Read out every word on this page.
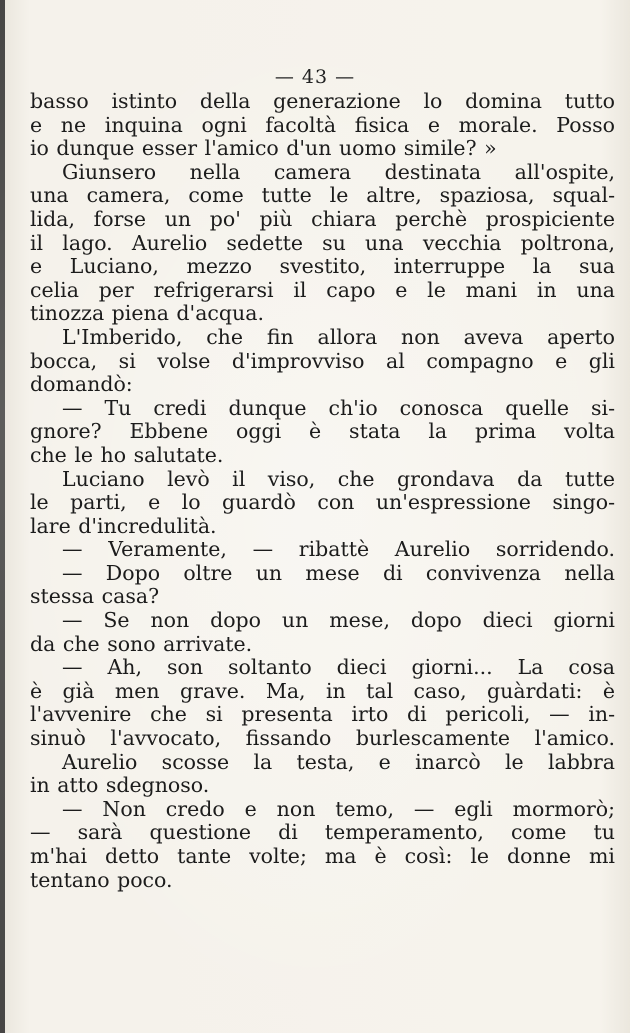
— 43 —
basso istinto della generazione lo domina tutto
e ne inquina ogni facoltà fisica e morale. Posso
io dunque esser l'amico d'un uomo simile? »
Giunsero nella camera destinata all'ospite,
una camera, come tutte le altre, spaziosa, squal-
lida, forse un po' più chiara perchè prospiciente
il lago. Aurelio sedette su una vecchia poltrona,
e Luciano, mezzo svestito, interruppe la sua
celia per refrigerarsi il capo e le mani in una
tinozza piena d'acqua.
L'Imberido, che fin allora non aveva aperto
bocca, si volse d'improvviso al compagno e gli
domandò:
— Tu credi dunque ch'io conosca quelle si-
gnore? Ebbene oggi è stata la prima volta
che le ho salutate.
Luciano levò il viso, che grondava da tutte
le parti, e lo guardò con un'espressione singo-
lare d'incredulità.
— Veramente, — ribattè Aurelio sorridendo.
— Dopo oltre un mese di convivenza nella
stessa casa?
— Se non dopo un mese, dopo dieci giorni
da che sono arrivate.
— Ah, son soltanto dieci giorni... La cosa
è già men grave. Ma, in tal caso, guàrdati: è
l'avvenire che si presenta irto di pericoli, — in-
sinuò l'avvocato, fissando burlescamente l'amico.
Aurelio scosse la testa, e inarcò le labbra
in atto sdegnoso.
— Non credo e non temo, — egli mormorò;
— sarà questione di temperamento, come tu
m'hai detto tante volte; ma è così: le donne mi
tentano poco.
